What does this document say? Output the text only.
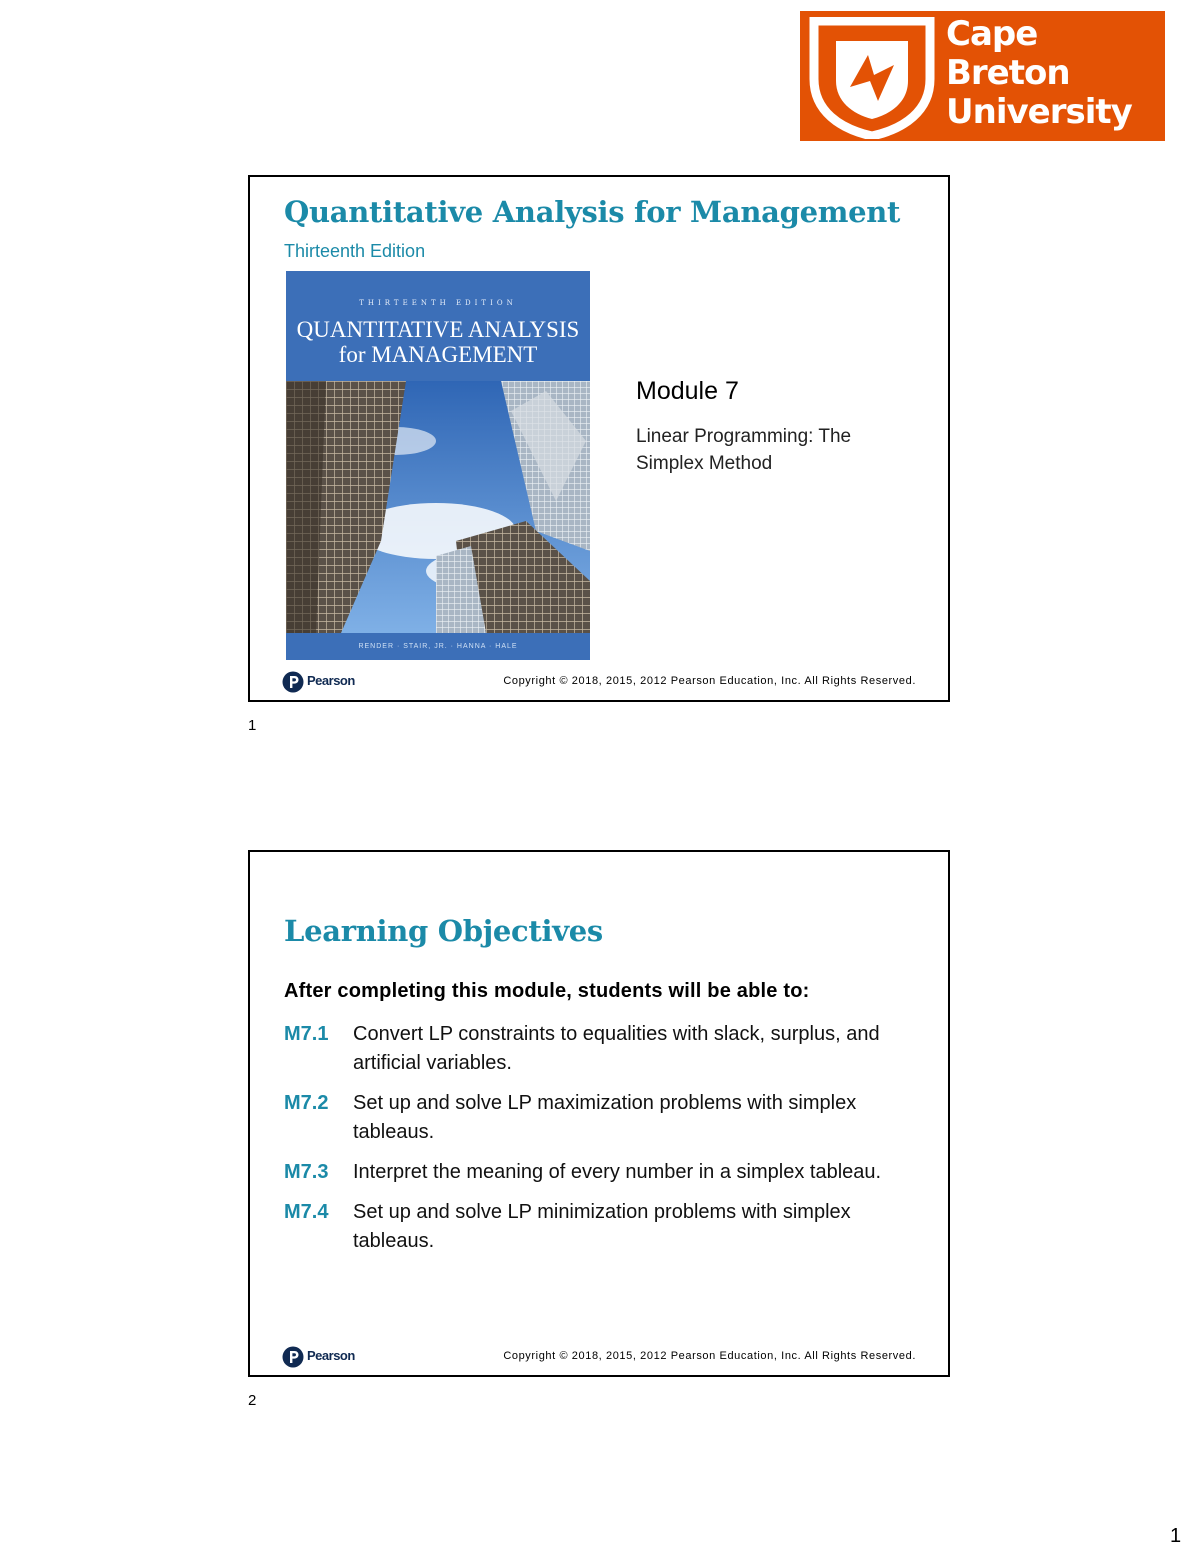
Cape
Breton
University
Quantitative Analysis for Management
Thirteenth Edition
THIRTEENTH EDITION
QUANTITATIVE ANALYSIS
for MANAGEMENT
RENDER · STAIR, JR. · HANNA · HALE
Module 7
Linear Programming: The Simplex Method
Pearson	Copyright © 2018, 2015, 2012 Pearson Education, Inc. All Rights Reserved.
1
Learning Objectives
After completing this module, students will be able to:
M7.1	Convert LP constraints to equalities with slack, surplus, and artificial variables.
M7.2	Set up and solve LP maximization problems with simplex tableaus.
M7.3	Interpret the meaning of every number in a simplex tableau.
M7.4	Set up and solve LP minimization problems with simplex tableaus.
Pearson	Copyright © 2018, 2015, 2012 Pearson Education, Inc. All Rights Reserved.
2
1
